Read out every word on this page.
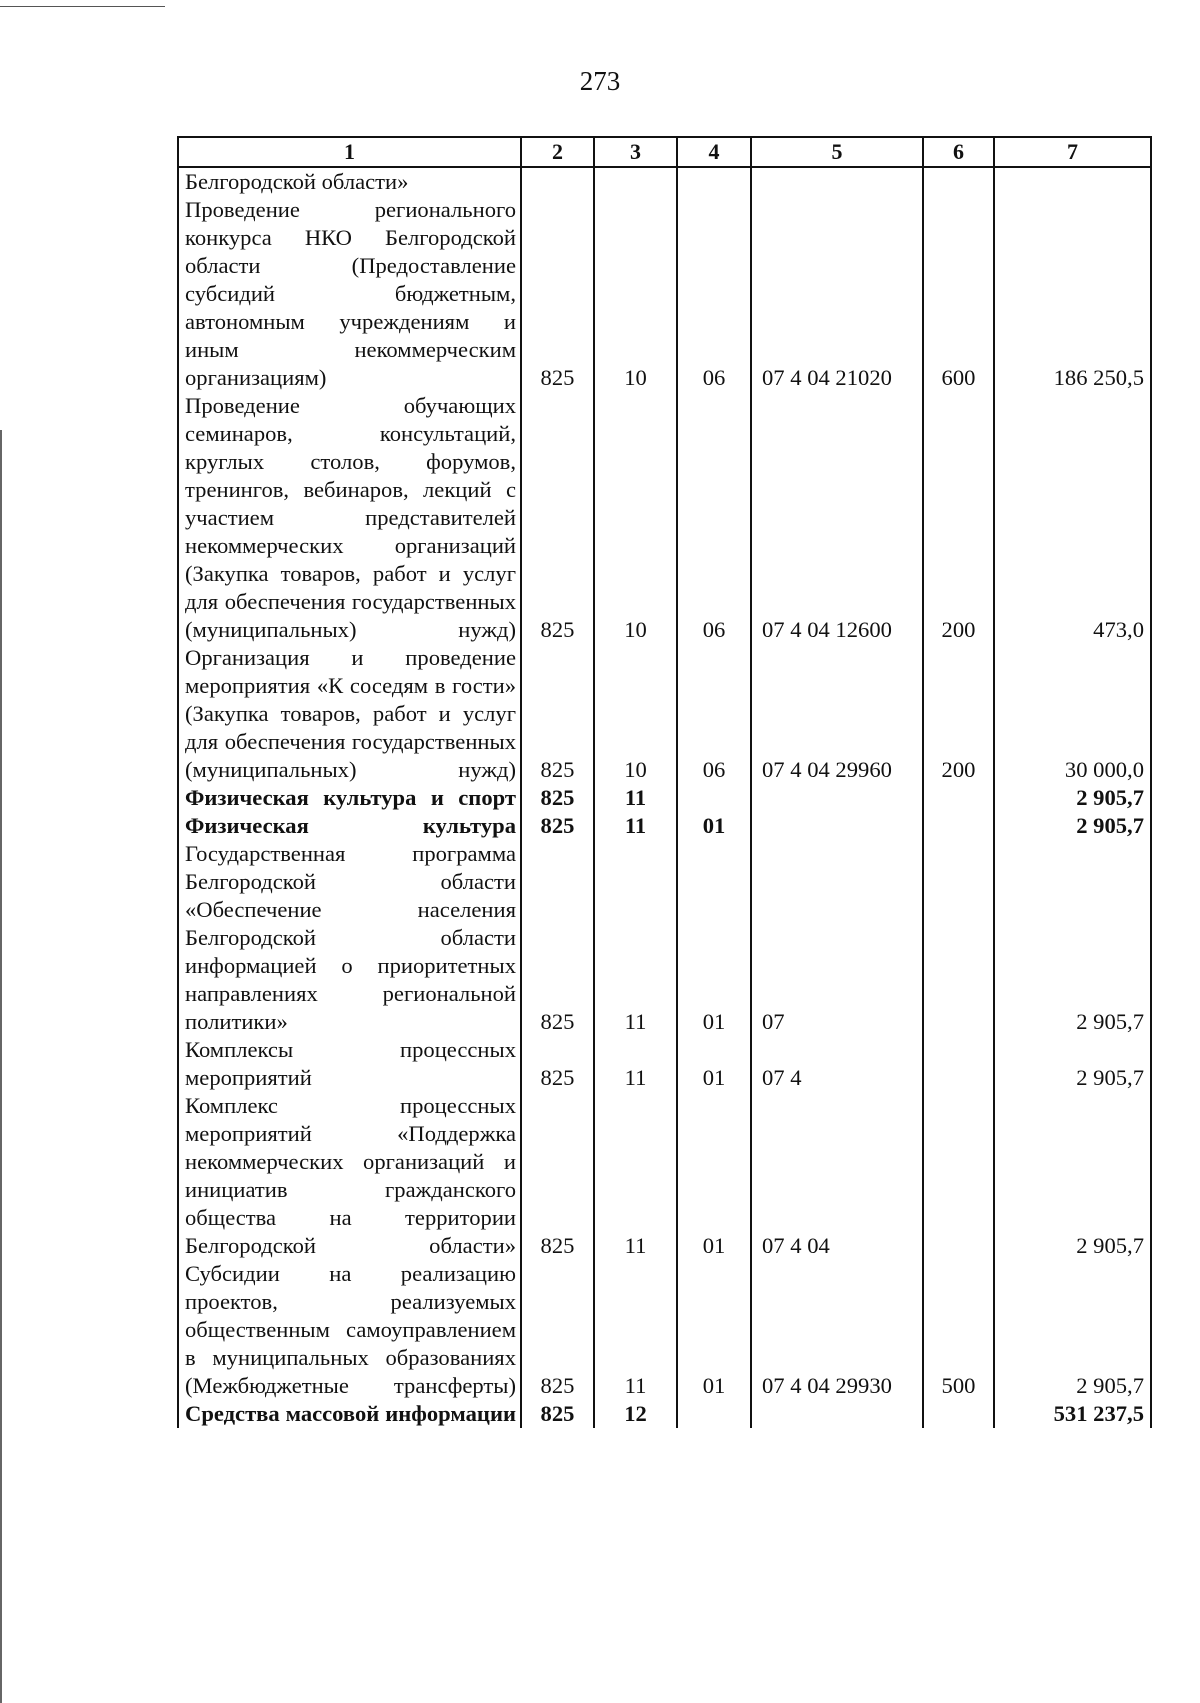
273
1	2	3	4	5	6	7
Белгородской области»						
Проведение регионального конкурса НКО Белгородской области (Предоставление субсидий бюджетным, автономным учреждениям и иным некоммерческим организациям)	825	10	06	07 4 04 21020	600	186 250,5
Проведение обучающих семинаров, консультаций, круглых столов, форумов, тренингов, вебинаров, лекций с участием представителей некоммерческих организаций (Закупка товаров, работ и услуг для обеспечения государственных (муниципальных) нужд)	825	10	06	07 4 04 12600	200	473,0
Организация и проведение мероприятия «К соседям в гости» (Закупка товаров, работ и услуг для обеспечения государственных (муниципальных) нужд)	825	10	06	07 4 04 29960	200	30 000,0
Физическая культура и спорт	825	11				2 905,7
Физическая культура	825	11	01			2 905,7
Государственная программа Белгородской области «Обеспечение населения Белгородской области информацией о приоритетных направлениях региональной политики»	825	11	01	07		2 905,7
Комплексы процессных мероприятий	825	11	01	07 4		2 905,7
Комплекс процессных мероприятий «Поддержка некоммерческих организаций и инициатив гражданского общества на территории Белгородской области»	825	11	01	07 4 04		2 905,7
Субсидии на реализацию проектов, реализуемых общественным самоуправлением в муниципальных образованиях (Межбюджетные трансферты)	825	11	01	07 4 04 29930	500	2 905,7
Средства массовой информации	825	12				531 237,5
